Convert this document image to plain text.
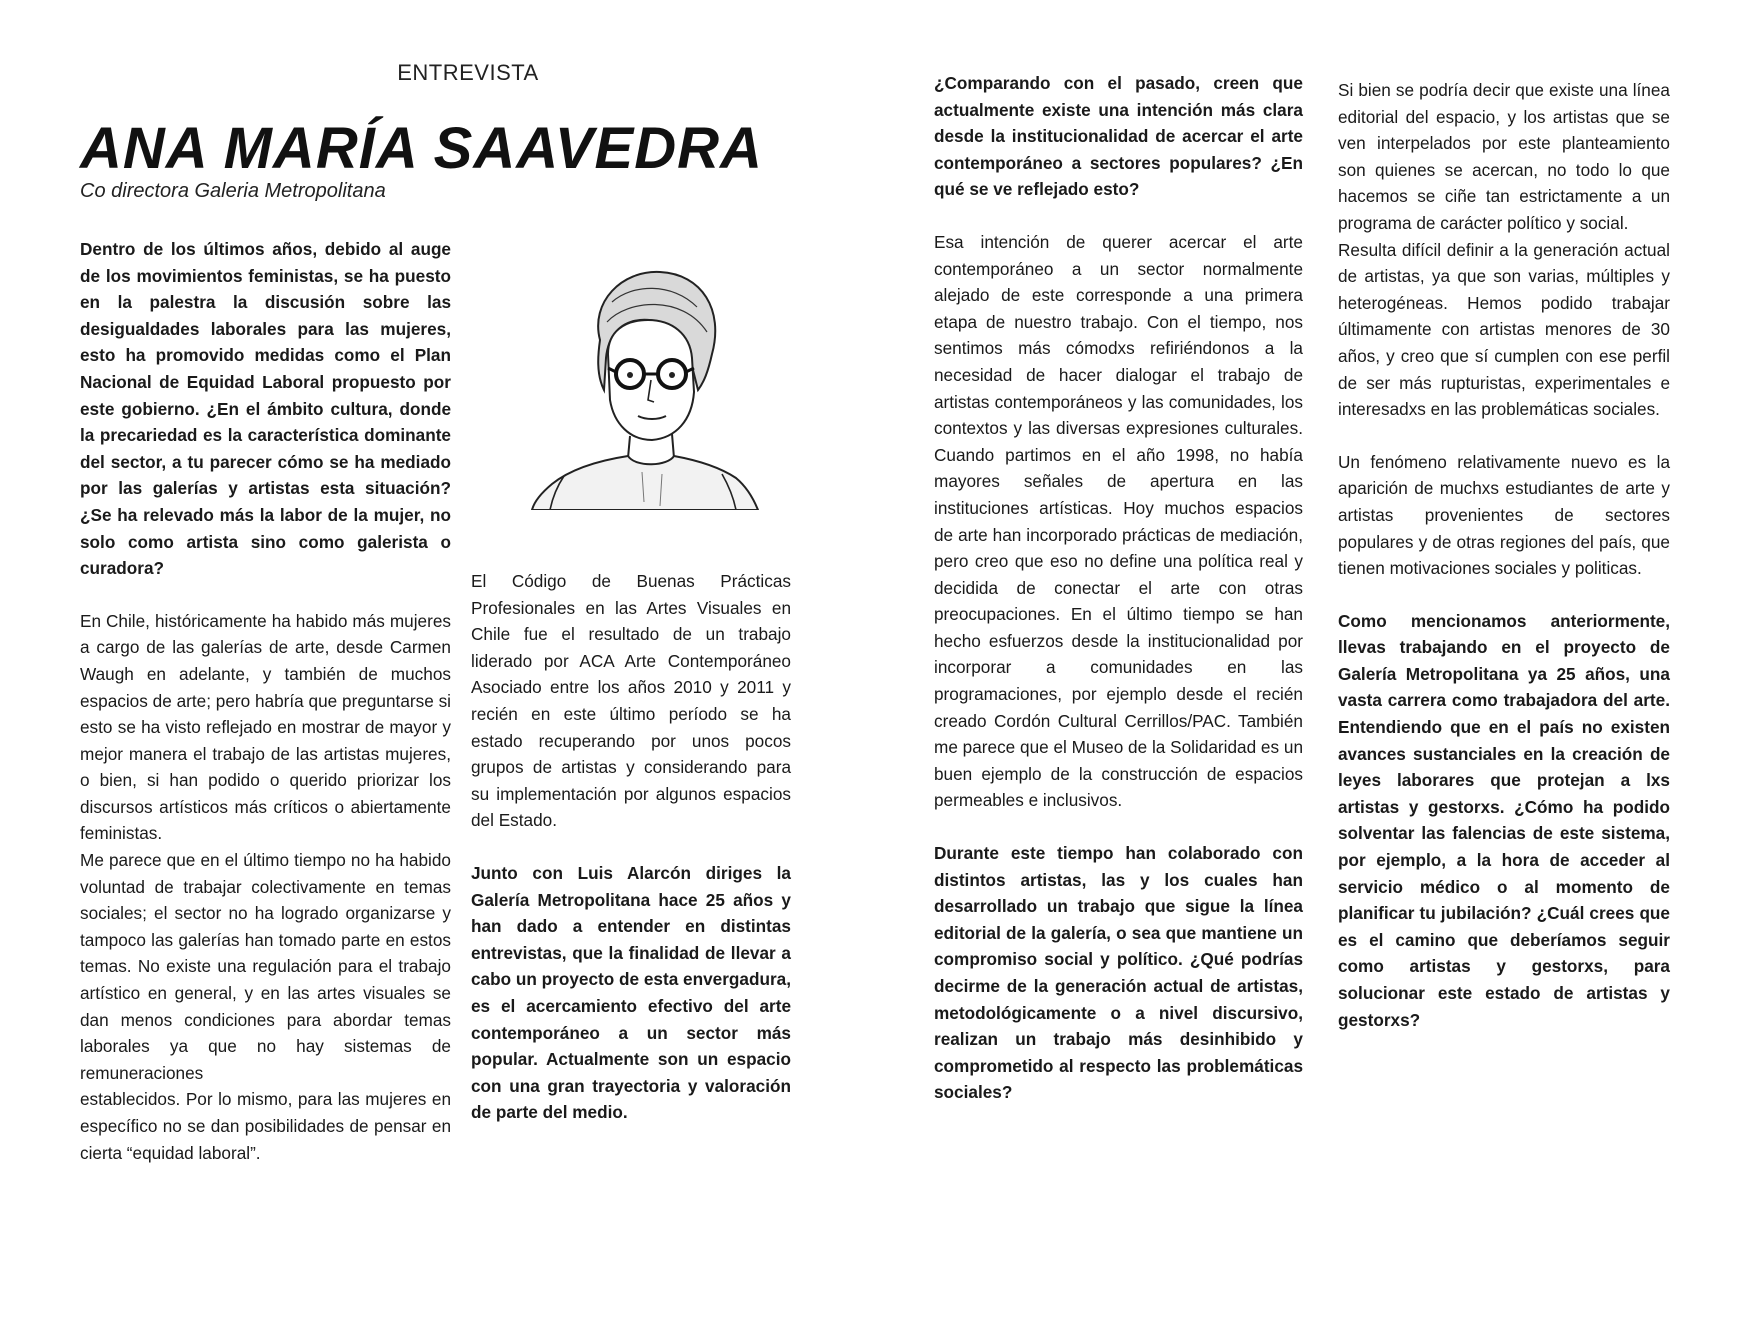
ENTREVISTA
ANA MARÍA SAAVEDRA
Co directora Galeria Metropolitana

Dentro de los últimos años, debido al auge de los movimientos feministas, se ha puesto en la palestra la discusión sobre las desigualdades laborales para las mujeres, esto ha promovido medidas como el Plan Nacional de Equidad Laboral propuesto por este gobierno. ¿En el ámbito cultura, donde la precariedad es la característica dominante del sector, a tu parecer cómo se ha mediado por las galerías y artistas esta situación? ¿Se ha relevado más la labor de la mujer, no solo como artista sino como galerista o curadora?

En Chile, históricamente ha habido más mujeres a cargo de las galerías de arte, desde Carmen Waugh en adelante, y también de muchos espacios de arte; pero habría que preguntarse si esto se ha visto reflejado en mostrar de mayor y mejor manera el trabajo de las artistas mujeres, o bien, si han podido o querido priorizar los discursos artísticos más críticos o abiertamente feministas.

Me parece que en el último tiempo no ha habido voluntad de trabajar colectivamente en temas sociales; el sector no ha logrado organizarse y tampoco las galerías han tomado parte en estos temas. No existe una regulación para el trabajo artístico en general, y en las artes visuales se dan menos condiciones para abordar temas laborales ya que no hay sistemas de remuneraciones

establecidos. Por lo mismo, para las mujeres en específico no se dan posibilidades de pensar en cierta “equidad laboral”.

El Código de Buenas Prácticas Profesionales en las Artes Visuales en Chile fue el resultado de un trabajo liderado por ACA Arte Contemporáneo Asociado entre los años 2010 y 2011 y recién en este último período se ha estado recuperando por unos pocos grupos de artistas y considerando para su implementación por algunos espacios del Estado.

Junto con Luis Alarcón diriges la Galería Metropolitana hace 25 años y han dado a entender en distintas entrevistas, que la finalidad de llevar a cabo un proyecto de esta envergadura, es el acercamiento efectivo del arte contemporáneo a un sector más popular. Actualmente son un espacio con una gran trayectoria y valoración de parte del medio.

¿Comparando con el pasado, creen que actualmente existe una intención más clara desde la institucionalidad de acercar el arte contemporáneo a sectores populares? ¿En qué se ve reflejado esto?

Esa intención de querer acercar el arte contemporáneo a un sector normalmente alejado de este corresponde a una primera etapa de nuestro trabajo. Con el tiempo, nos sentimos más cómodxs refiriéndonos a la necesidad de hacer dialogar el trabajo de artistas contemporáneos y las comunidades, los contextos y las diversas expresiones culturales. Cuando partimos en el año 1998, no había mayores señales de apertura en las instituciones artísticas. Hoy muchos espacios de arte han incorporado prácticas de mediación, pero creo que eso no define una política real y decidida de conectar el arte con otras preocupaciones. En el último tiempo se han hecho esfuerzos desde la institucionalidad por incorporar a comunidades en las programaciones, por ejemplo desde el recién creado Cordón Cultural Cerrillos/PAC. También me parece que el Museo de la Solidaridad es un buen ejemplo de la construcción de espacios permeables e inclusivos.

Durante este tiempo han colaborado con distintos artistas, las y los cuales han desarrollado un trabajo que sigue la línea editorial de la galería, o sea que mantiene un compromiso social y político. ¿Qué podrías decirme de la generación actual de artistas, metodológicamente o a nivel discursivo, realizan un trabajo más desinhibido y comprometido al respecto las problemáticas sociales?

Si bien se podría decir que existe una línea editorial del espacio, y los artistas que se ven interpelados por este planteamiento son quienes se acercan, no todo lo que hacemos se ciñe tan estrictamente a un programa de carácter político y social.

Resulta difícil definir a la generación actual de artistas, ya que son varias, múltiples y heterogéneas. Hemos podido trabajar últimamente con artistas menores de 30 años, y creo que sí cumplen con ese perfil de ser más rupturistas, experimentales e interesadxs en las problemáticas sociales.

Un fenómeno relativamente nuevo es la aparición de muchxs estudiantes de arte y artistas provenientes de sectores populares y de otras regiones del país, que tienen motivaciones sociales y politicas.

Como mencionamos anteriormente, llevas trabajando en el proyecto de Galería Metropolitana ya 25 años, una vasta carrera como trabajadora del arte. Entendiendo que en el país no existen avances sustanciales en la creación de leyes laborares que protejan a lxs artistas y gestorxs. ¿Cómo ha podido solventar las falencias de este sistema, por ejemplo, a la hora de acceder al servicio médico o al momento de planificar tu jubilación? ¿Cuál crees que es el camino que deberíamos seguir como artistas y gestorxs, para solucionar este estado de artistas y gestorxs?
